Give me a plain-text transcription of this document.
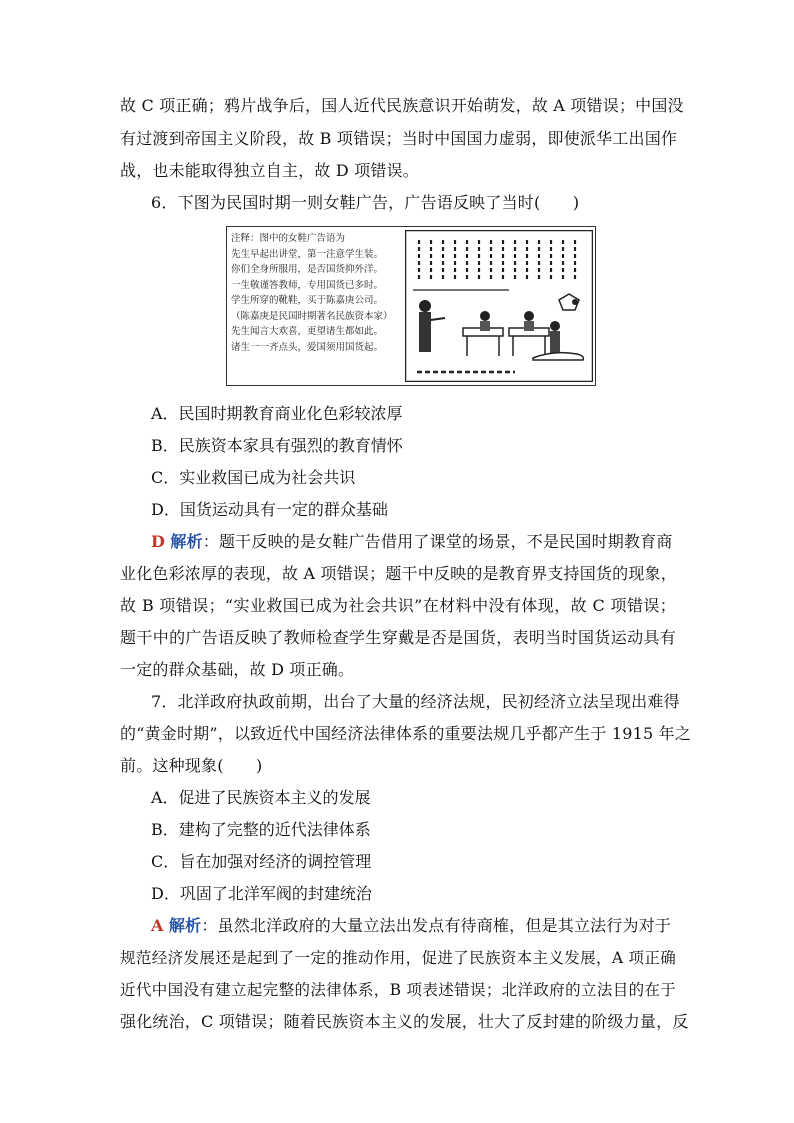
故 C 项正确；鸦片战争后，国人近代民族意识开始萌发，故 A 项错误；中国没
有过渡到帝国主义阶段，故 B 项错误；当时中国国力虚弱，即使派华工出国作
战，也未能取得独立自主，故 D 项错误。
6．下图为民国时期一则女鞋广告，广告语反映了当时(　　)
注释：图中的女鞋广告语为
先生早起出讲堂，第一注意学生装。
你们全身所服用，是否国货抑外洋。
一生敬谨答教师，专用国货已多时。
学生所穿的靴鞋，买于陈嘉庚公司。
（陈嘉庚是民国时期著名民族资本家）
先生闻言大欢喜，更望诸生都如此。
诸生一一齐点头，爱国须用国货起。
A．民国时期教育商业化色彩较浓厚
B．民族资本家具有强烈的教育情怀
C．实业救国已成为社会共识
D．国货运动具有一定的群众基础
D 解析：题干反映的是女鞋广告借用了课堂的场景，不是民国时期教育商
业化色彩浓厚的表现，故 A 项错误；题干中反映的是教育界支持国货的现象，
故 B 项错误；“实业救国已成为社会共识”在材料中没有体现，故 C 项错误；
题干中的广告语反映了教师检查学生穿戴是否是国货，表明当时国货运动具有
一定的群众基础，故 D 项正确。
7．北洋政府执政前期，出台了大量的经济法规，民初经济立法呈现出难得
的“黄金时期”，以致近代中国经济法律体系的重要法规几乎都产生于 1915 年之
前。这种现象(　　)
A．促进了民族资本主义的发展
B．建构了完整的近代法律体系
C．旨在加强对经济的调控管理
D．巩固了北洋军阀的封建统治
A 解析：虽然北洋政府的大量立法出发点有待商榷，但是其立法行为对于
规范经济发展还是起到了一定的推动作用，促进了民族资本主义发展，A 项正确
近代中国没有建立起完整的法律体系，B 项表述错误；北洋政府的立法目的在于
强化统治，C 项错误；随着民族资本主义的发展，壮大了反封建的阶级力量，反
